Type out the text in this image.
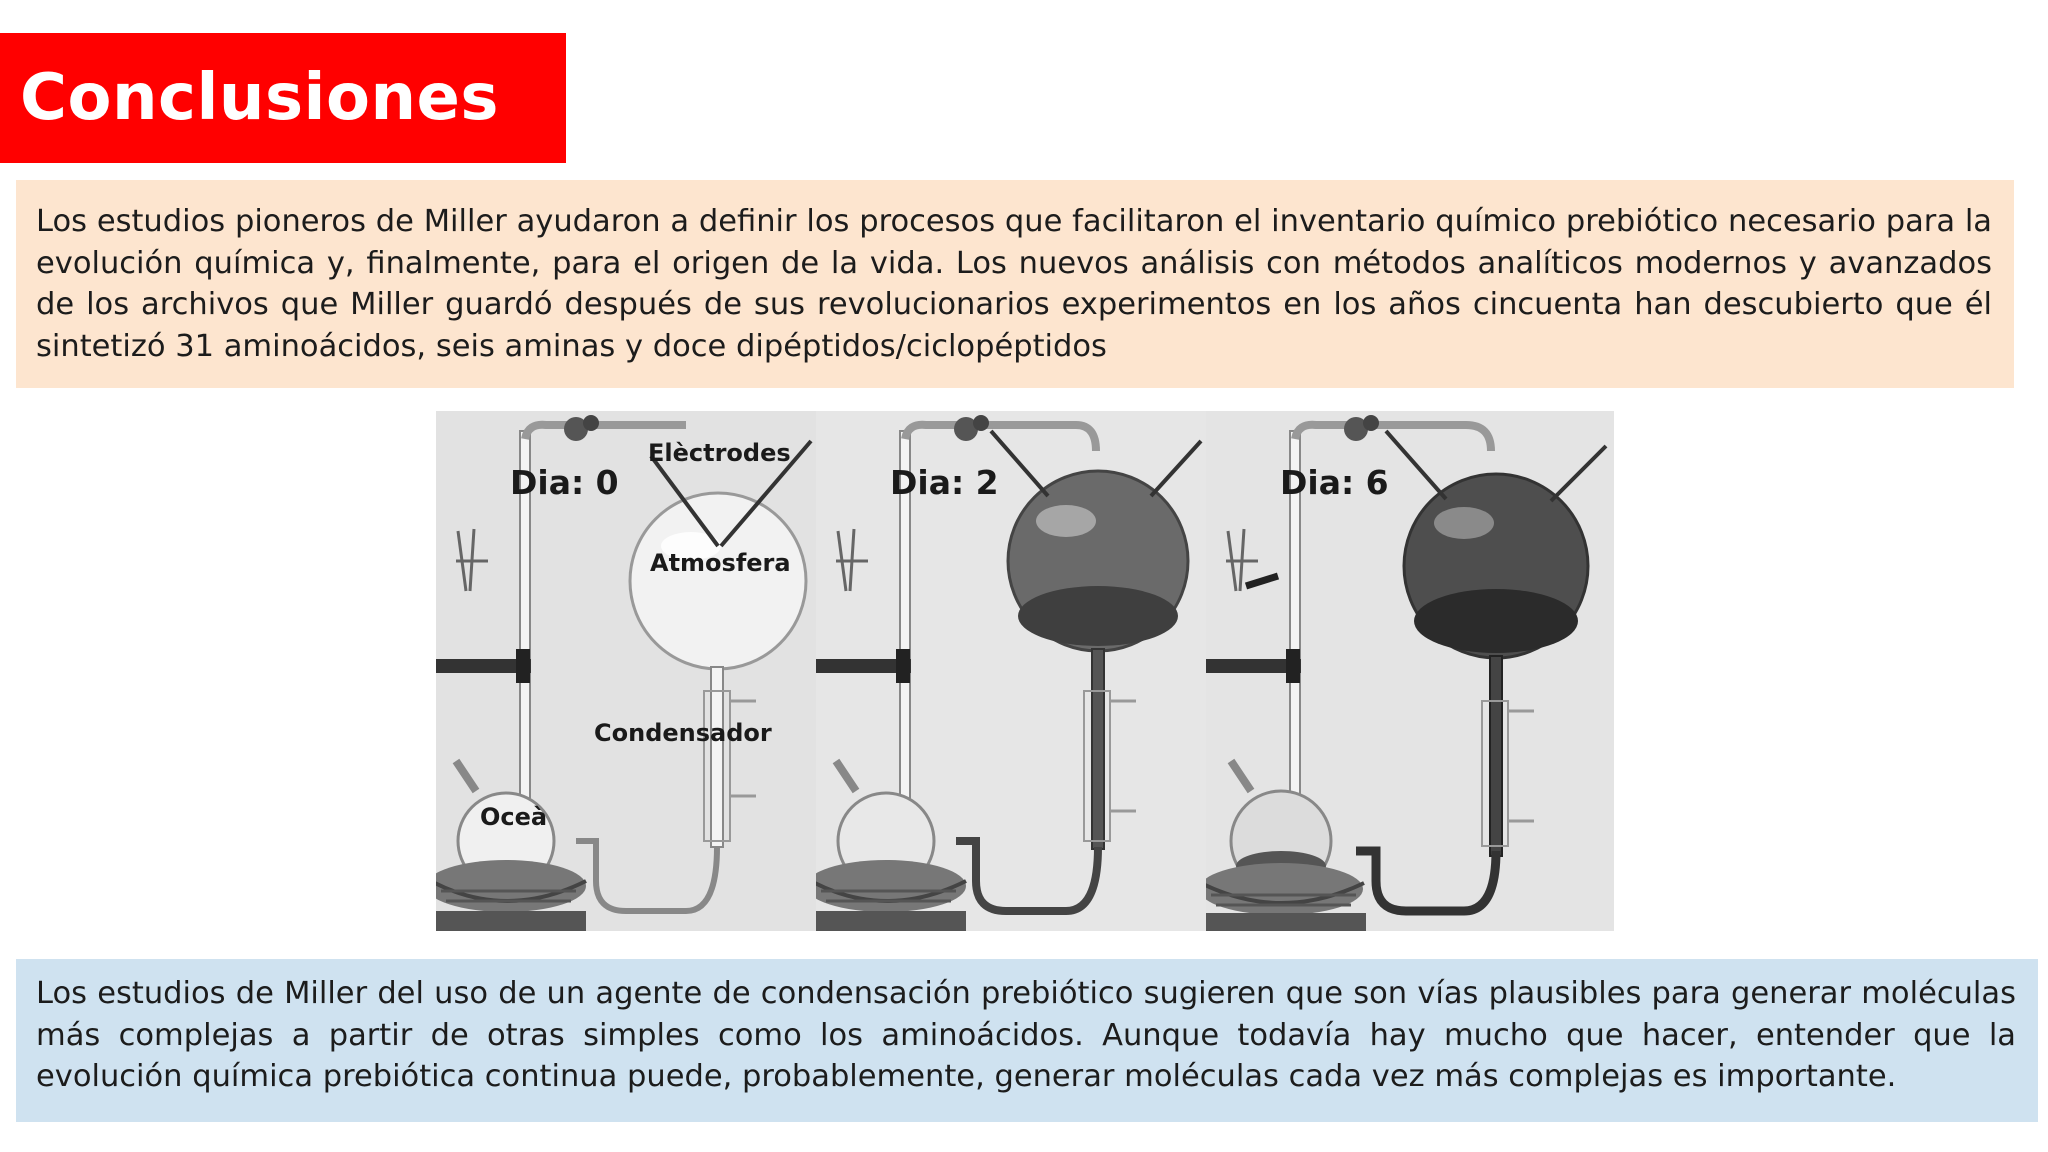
Conclusiones
Los estudios pioneros de Miller ayudaron a definir los procesos que facilitaron el inventario químico prebiótico necesario para la evolución química y, finalmente, para el origen de la vida. Los nuevos análisis con métodos analíticos modernos y avanzados de los archivos que Miller guardó después de sus revolucionarios experimentos en los años cincuenta han descubierto que él sintetizó 31 aminoácidos, seis aminas y doce dipéptidos/ciclopéptidos
Dia: 0
Elèctrodes
Atmosfera
Condensador
Oceà
Dia: 2	Dia: 6
Los estudios de Miller del uso de un agente de condensación prebiótico sugieren que son vías plausibles para generar moléculas más complejas a partir de otras simples como los aminoácidos. Aunque todavía hay mucho que hacer, entender que la evolución química prebiótica continua puede, probablemente, generar moléculas cada vez más complejas es importante.
